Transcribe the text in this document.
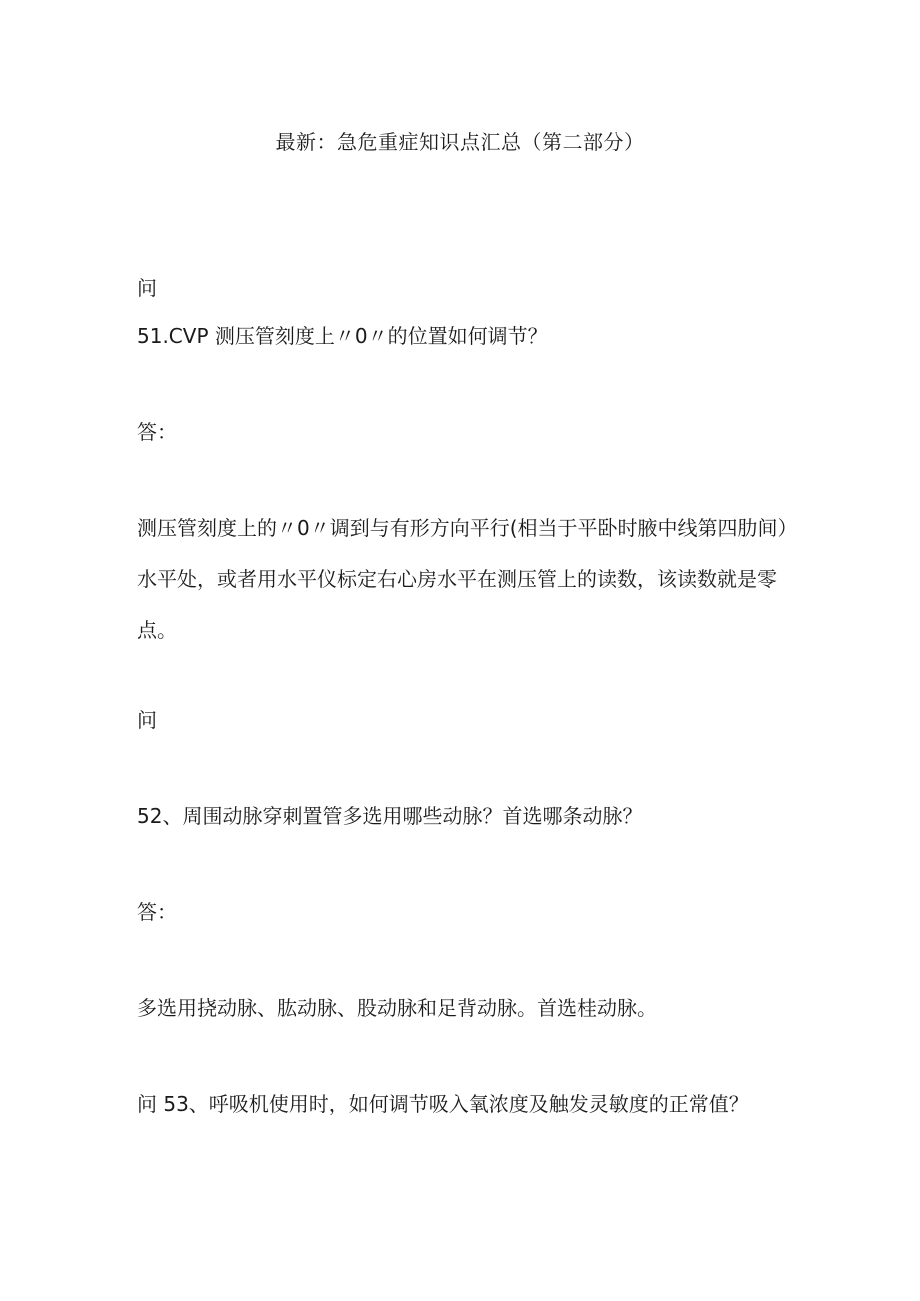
最新：急危重症知识点汇总（第二部分）
问
51.CVP 测压管刻度上〃0〃的位置如何调节？
答：
测压管刻度上的〃0〃调到与有形方向平行(相当于平卧时腋中线第四肋间）水平处，或者用水平仪标定右心房水平在测压管上的读数，该读数就是零点。
问
52、周围动脉穿刺置管多选用哪些动脉？首选哪条动脉？
答：
多选用挠动脉、肱动脉、股动脉和足背动脉。首选桂动脉。
问 53、呼吸机使用时，如何调节吸入氧浓度及触发灵敏度的正常值？
